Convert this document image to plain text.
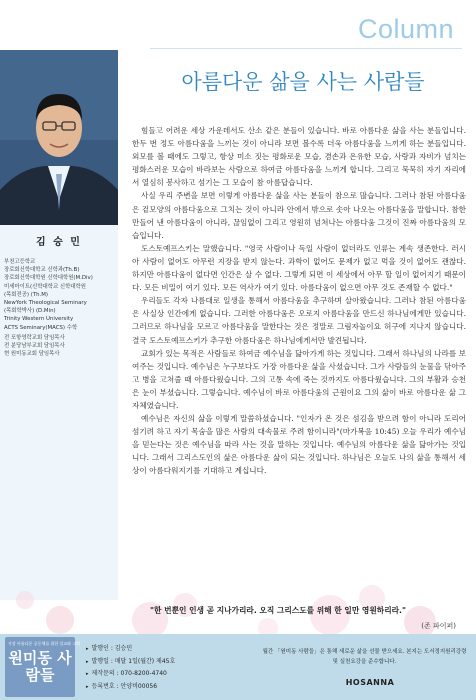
Column
아름다운 삶을 사는 사람들
김 승 민
부천고등학교
장로회신학대학교 신학과(Th.B)
장로회신학대학원 신학대학원(M.Div)
미세마이트(신학대학교 신학대학원
(목회전공) (Th.M)
NewYork Theological Seminary
(목회학박사) (D.Min)
Trinity Western University
ACTS Seminary(MACS) 수학
전 포항영락교회 담임목사
전 분당남부교회 담임목사
현 원미동교회 담임목사

힘들고 어려운 세상 가운데서도 산소 같은 분들이 있습니다. 바로 아름다운 삶을 사는 분들입니다. 한두 번 정도 아름다움을 느끼는 것이 아니라 보면 볼수록 더욱 아름다움을 느끼게 하는 분들입니다. 외모를 볼 때에도 그렇고, 항상 미소 짓는 평화로운 모습, 겸손과 온유한 모습, 사랑과 자비가 넘치는 평화스러운 모습이 바라보는 사람으로 하여금 아름다움을 느끼게 합니다. 그리고 묵묵히 자기 자리에서 열심히 봉사하고 섬기는 그 모습이 참 아름답습니다.

사실 우리 주변을 보면 이렇게 아름다운 삶을 사는 분들이 참으로 많습니다. 그러나 참된 아름다움은 겉모양의 아름다움으로 그치는 것이 아니라 안에서 밖으로 솟아 나오는 아름다움을 말합니다. 참한 만들어 낸 아름다움이 아니라, 끊임없이 그리고 영원히 넘쳐나는 아름다움 그것이 진짜 아름다움의 모습입니다.

도스토예프스키는 말했습니다. "영국 사람이나 독일 사람이 없더라도 인류는 계속 생존한다. 러시아 사람이 없어도 아무런 지장을 받지 않는다. 과학이 없어도 문제가 없고 먹을 것이 없어도 괜찮다. 하지만 아름다움이 없다면 인간은 살 수 없다. 그렇게 되면 이 세상에서 아무 할 일이 없어지기 때문이다. 모든 비밀이 여기 있다. 모든 역사가 여기 있다. 아름다움이 없으면 아무 것도 존재할 수 없다."

우리들도 각자 나름대로 일생을 통해서 아름다움을 추구하며 살아왔습니다. 그러나 참된 아름다움은 사실상 인간에게 없습니다. 그러한 아름다움은 오로지 아름다움을 만드신 하나님에게만 있습니다. 그러므로 하나님을 모르고 아름다움을 말한다는 것은 정말로 그림자놀이요 허구에 지나지 않습니다. 결국 도스토예프스키가 추구한 아름다움은 하나님에게서만 발견됩니다.

교회가 있는 목적은 사람들로 하여금 예수님을 닮아가게 하는 것입니다. 그래서 하나님의 나라를 보여주는 것입니다. 예수님은 누구보다도 가장 아름다운 삶을 사셨습니다. 그가 사람들의 눈물을 닦아주고 병을 고쳐줄 때 아름다웠습니다. 그의 고통 속에 죽는 것까지도 아름다웠습니다. 그의 부활과 승천은 눈이 부셨습니다. 그렇습니다. 예수님이 바로 아름다움의 근원이요 그의 삶이 바로 아름다운 삶 그 자체였습니다.

예수님은 자신의 삶을 이렇게 말씀하셨습니다. "인자가 온 것은 섬김을 받으려 함이 아니라 도리어 섬기려 하고 자기 목숨을 많은 사람의 대속물로 주려 함이니라"(마가복음 10:45) 오늘 우리가 예수님을 믿는다는 것은 예수님을 따라 사는 것을 말하는 것입니다. 예수님의 아름다운 삶을 닮아가는 것입니다. 그래서 그리스도인의 삶은 아름다운 삶이 되는 것입니다. 하나님은 오늘도 나의 삶을 통해서 세상이 아름다워지기를 기대하고 계십니다.

"한 번뿐인 인생 곧 지나가리라. 오직 그리스도를 위해 한 일만 영원하리라."
(존 파이퍼)
가장 아름다운 공동체를 위한 설교와 고백
원미동 사람들
▸ 발행인 : 김승민
▸ 발행일 : 매달 1일(월간) 제45호
▸ 제작문의 : 070-8200-4740
▸ 등록번호 : 안양비00056
월간 「원미동 사람들」은 통해 새로운 삶을 선물 받으세요. 본지는 도서정지원리강령 및 실천요강을 준수합니다.
HOSANNA
